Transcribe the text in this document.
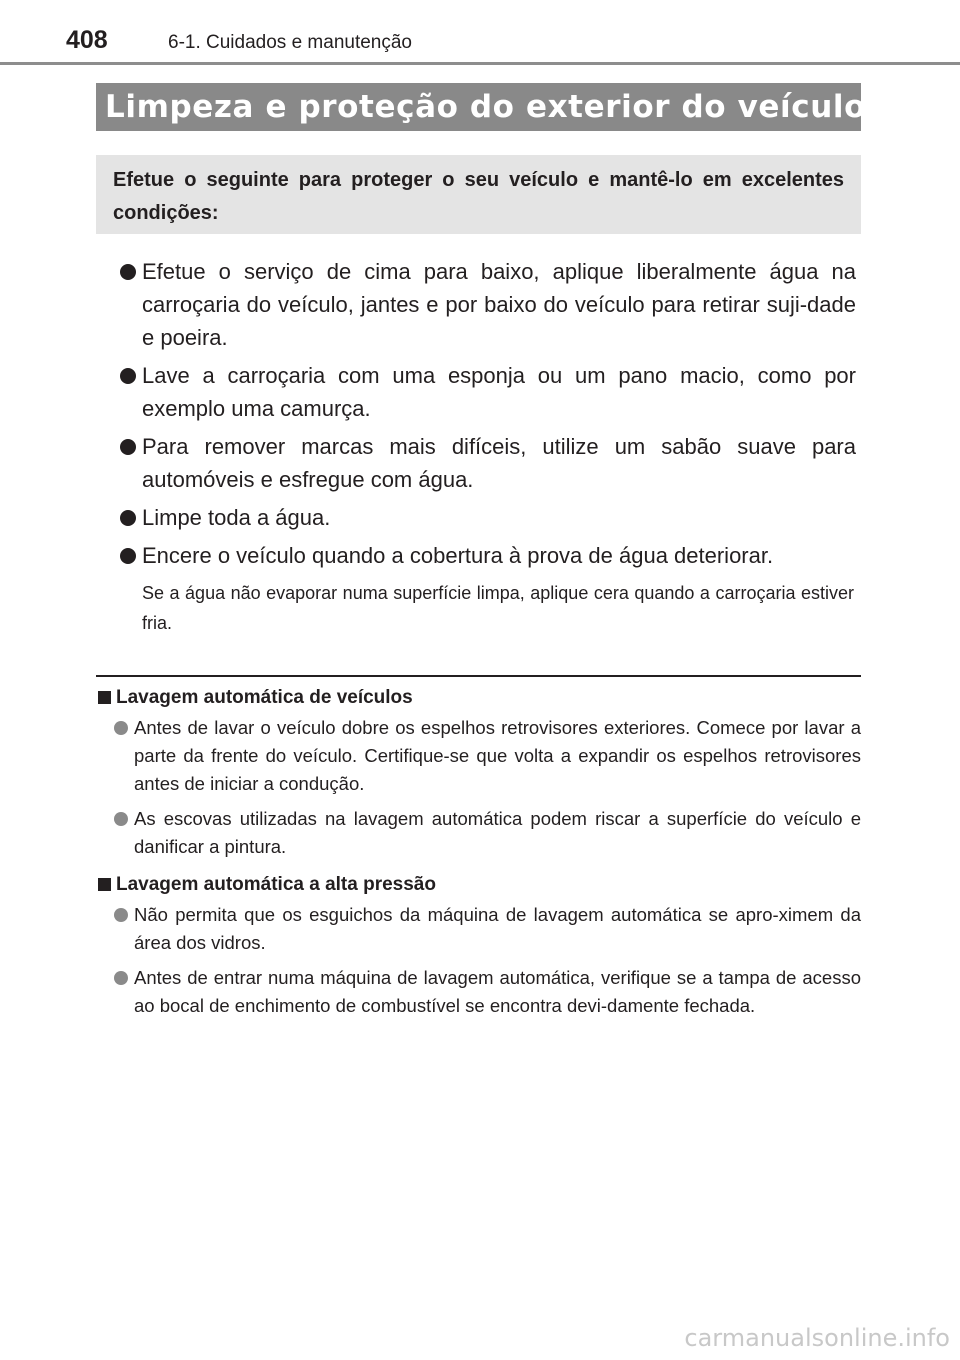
408	6-1. Cuidados e manutenção
Limpeza e proteção do exterior do veículo
Efetue o seguinte para proteger o seu veículo e mantê-lo em excelentes condições:
Efetue o serviço de cima para baixo, aplique liberalmente água na carroçaria do veículo, jantes e por baixo do veículo para retirar suji-dade e poeira.
Lave a carroçaria com uma esponja ou um pano macio, como por exemplo uma camurça.
Para remover marcas mais difíceis, utilize um sabão suave para automóveis e esfregue com água.
Limpe toda a água.
Encere o veículo quando a cobertura à prova de água deteriorar.
Se a água não evaporar numa superfície limpa, aplique cera quando a carroçaria estiver fria.
Lavagem automática de veículos
Antes de lavar o veículo dobre os espelhos retrovisores exteriores. Comece por lavar a parte da frente do veículo. Certifique-se que volta a expandir os espelhos retrovisores antes de iniciar a condução.
As escovas utilizadas na lavagem automática podem riscar a superfície do veículo e danificar a pintura.
Lavagem automática a alta pressão
Não permita que os esguichos da máquina de lavagem automática se apro-ximem da área dos vidros.
Antes de entrar numa máquina de lavagem automática, verifique se a tampa de acesso ao bocal de enchimento de combustível se encontra devi-damente fechada.
carmanualsonline.info
